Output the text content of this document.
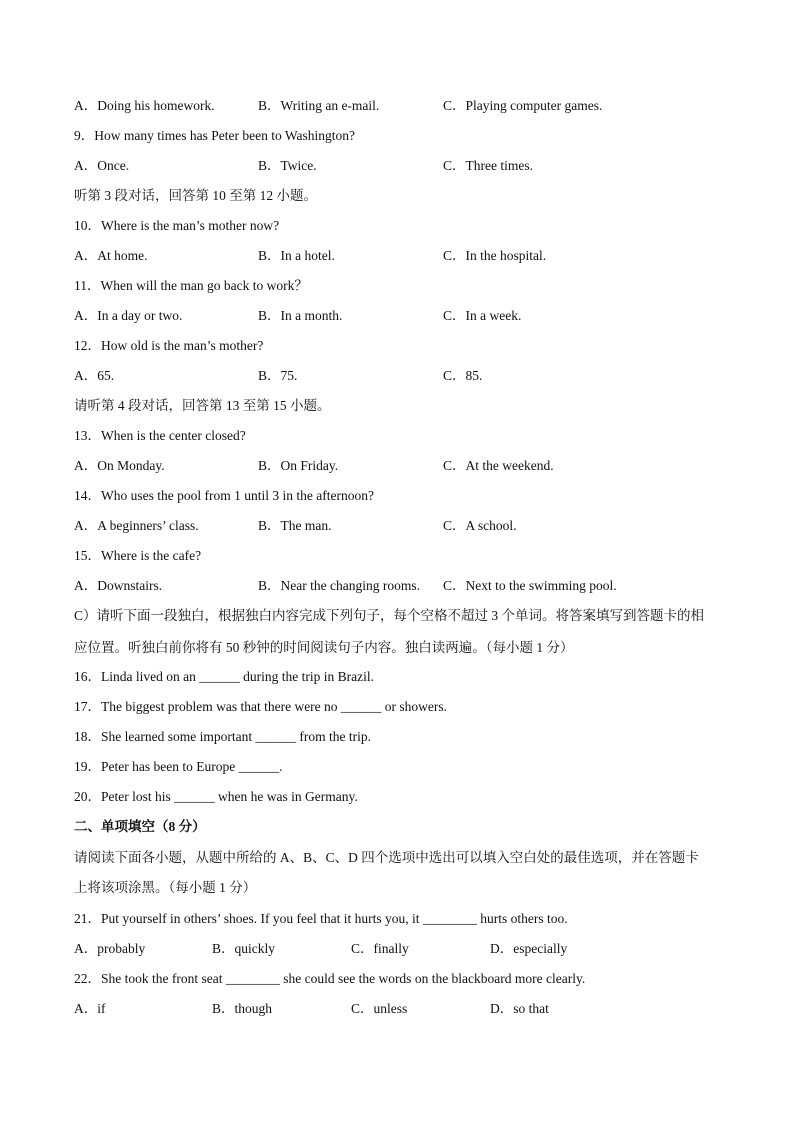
A．Doing his homework.	B．Writing an e-mail.	C．Playing computer games.
9．How many times has Peter been to Washington?
A．Once.	B．Twice.	C．Three times.
听第 3 段对话，回答第 10 至第 12 小题。
10．Where is the man’s mother now?
A．At home.	B．In a hotel.	C．In the hospital.
11．When will the man go back to work？
A．In a day or two.	B．In a month.	C．In a week.
12．How old is the man’s mother?
A．65.	B．75.	C．85.
请听第 4 段对话，回答第 13 至第 15 小题。
13．When is the center closed?
A．On Monday.	B．On Friday.	C．At the weekend.
14．Who uses the pool from 1 until 3 in the afternoon?
A．A beginners’ class.	B．The man.	C．A school.
15．Where is the cafe?
A．Downstairs.	B．Near the changing rooms. C．Next to the swimming pool.
C）请听下面一段独白，根据独白内容完成下列句子，每个空格不超过 3 个单词。将答案填写到答题卡的相
应位置。听独白前你将有 50 秒钟的时间阅读句子内容。独白读两遍。（每小题 1 分）
16．Linda lived on an ______ during the trip in Brazil.
17．The biggest problem was that there were no ______ or showers.
18．She learned some important ______ from the trip.
19．Peter has been to Europe ______.
20．Peter lost his ______ when he was in Germany.
二、单项填空（8 分）
请阅读下面各小题，从题中所给的 A、B、C、D 四个选项中选出可以填入空白处的最佳选项，并在答题卡
上将该项涂黑。（每小题 1 分）
21．Put yourself in others’ shoes. If you feel that it hurts you, it ________ hurts others too.
A．probably	B．quickly	C．finally	D．especially
22．She took the front seat ________ she could see the words on the blackboard more clearly.
A．if	B．though	C．unless	D．so that
